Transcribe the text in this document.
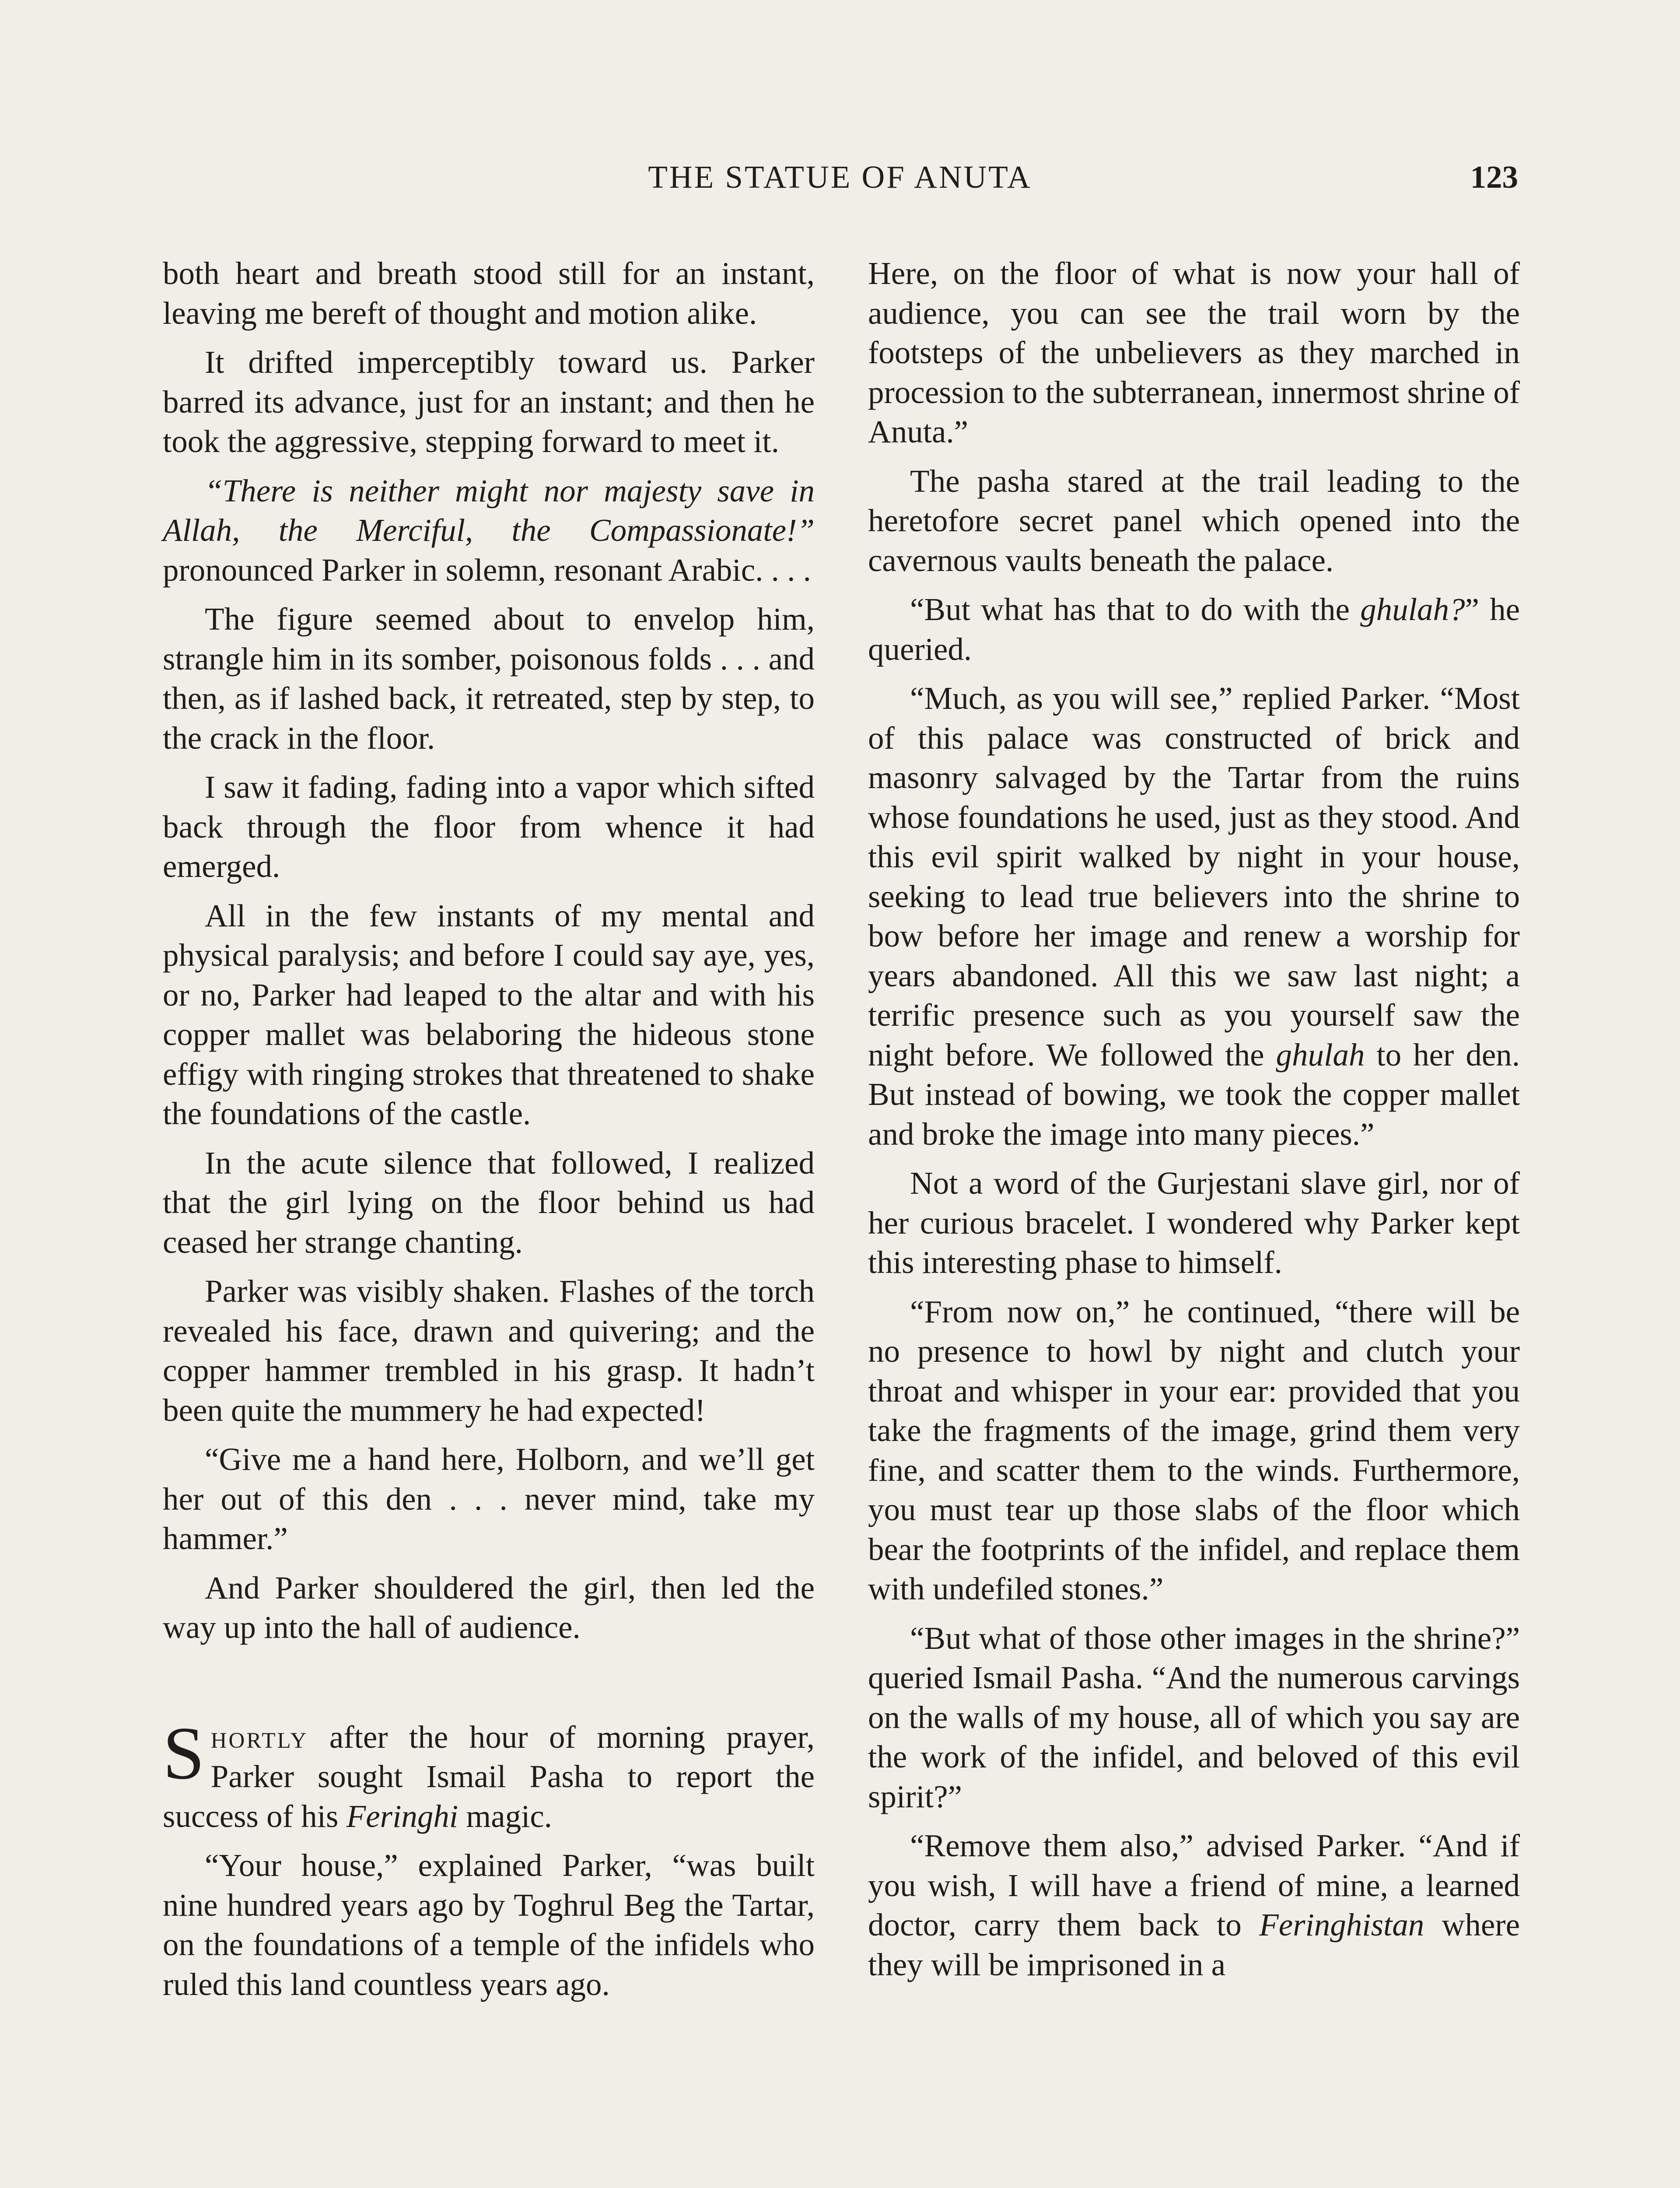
THE STATUE OF ANUTA	123

both heart and breath stood still for an instant, leaving me bereft of thought and motion alike.

It drifted imperceptibly toward us. Parker barred its advance, just for an instant; and then he took the aggressive, stepping forward to meet it.

“There is neither might nor majesty save in Allah, the Merciful, the Compassionate!” pronounced Parker in solemn, resonant Arabic. . . .

The figure seemed about to envelop him, strangle him in its somber, poisonous folds . . . and then, as if lashed back, it retreated, step by step, to the crack in the floor.

I saw it fading, fading into a vapor which sifted back through the floor from whence it had emerged.

All in the few instants of my mental and physical paralysis; and before I could say aye, yes, or no, Parker had leaped to the altar and with his copper mallet was belaboring the hideous stone effigy with ringing strokes that threatened to shake the foundations of the castle.

In the acute silence that followed, I realized that the girl lying on the floor behind us had ceased her strange chanting.

Parker was visibly shaken. Flashes of the torch revealed his face, drawn and quivering; and the copper hammer trembled in his grasp. It hadn’t been quite the mummery he had expected!

“Give me a hand here, Holborn, and we’ll get her out of this den . . . never mind, take my hammer.”

And Parker shouldered the girl, then led the way up into the hall of audience.

Shortly after the hour of morning prayer, Parker sought Ismail Pasha to report the success of his Feringhi magic.

“Your house,” explained Parker, “was built nine hundred years ago by Toghrul Beg the Tartar, on the foundations of a temple of the infidels who ruled this land countless years ago.

Here, on the floor of what is now your hall of audience, you can see the trail worn by the footsteps of the unbelievers as they marched in procession to the subterranean, innermost shrine of Anuta.”

The pasha stared at the trail leading to the heretofore secret panel which opened into the cavernous vaults beneath the palace.

“But what has that to do with the ghulah?” he queried.

“Much, as you will see,” replied Parker. “Most of this palace was constructed of brick and masonry salvaged by the Tartar from the ruins whose foundations he used, just as they stood. And this evil spirit walked by night in your house, seeking to lead true believers into the shrine to bow before her image and renew a worship for years abandoned. All this we saw last night; a terrific presence such as you yourself saw the night before. We followed the ghulah to her den. But instead of bowing, we took the copper mallet and broke the image into many pieces.”

Not a word of the Gurjestani slave girl, nor of her curious bracelet. I wondered why Parker kept this interesting phase to himself.

“From now on,” he continued, “there will be no presence to howl by night and clutch your throat and whisper in your ear: provided that you take the fragments of the image, grind them very fine, and scatter them to the winds. Furthermore, you must tear up those slabs of the floor which bear the footprints of the infidel, and replace them with undefiled stones.”

“But what of those other images in the shrine?” queried Ismail Pasha. “And the numerous carvings on the walls of my house, all of which you say are the work of the infidel, and beloved of this evil spirit?”

“Remove them also,” advised Parker. “And if you wish, I will have a friend of mine, a learned doctor, carry them back to Feringhistan where they will be imprisoned in a
